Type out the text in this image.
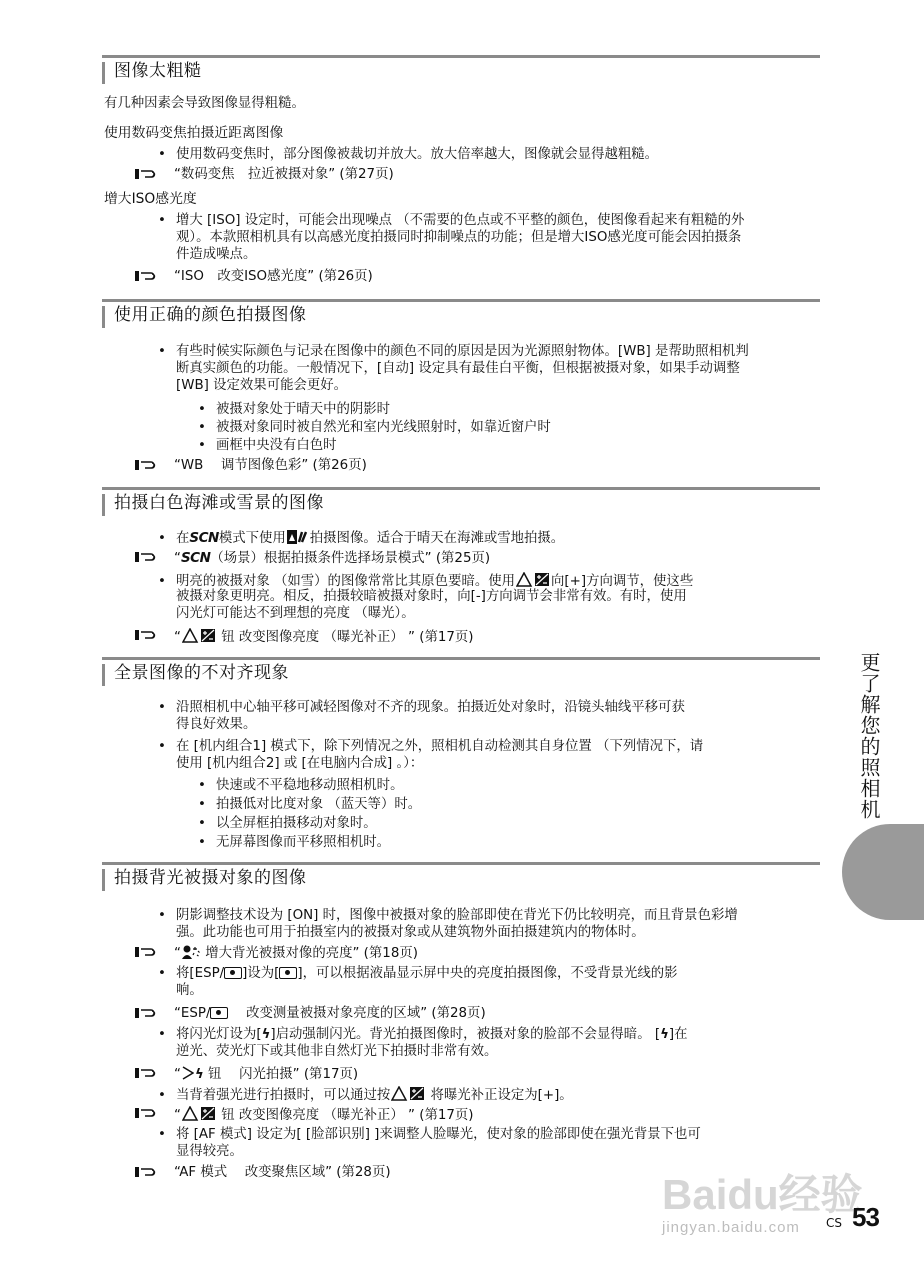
图像太粗糙
有几种因素会导致图像显得粗糙。
使用数码变焦拍摄近距离图像
• 使用数码变焦时，部分图像被裁切并放大。放大倍率越大，图像就会显得越粗糙。
“数码变焦　拉近被摄对象” (第27页)
增大ISO感光度
• 增大 [ISO] 设定时，可能会出现噪点 （不需要的色点或不平整的颜色，使图像看起来有粗糙的外
观）。本款照相机具有以高感光度拍摄同时抑制噪点的功能；但是增大ISO感光度可能会因拍摄条
件造成噪点。
“ISO　改变ISO感光度” (第26页)
使用正确的颜色拍摄图像
• 有些时候实际颜色与记录在图像中的颜色不同的原因是因为光源照射物体。[WB] 是帮助照相机判
断真实颜色的功能。一般情况下，[自动] 设定具有最佳白平衡，但根据被摄对象，如果手动调整
[WB] 设定效果可能会更好。
• 被摄对象处于晴天中的阴影时
• 被摄对象同时被自然光和室内光线照射时，如靠近窗户时
• 画框中央没有白色时
“WB　 调节图像色彩” (第26页)
拍摄白色海滩或雪景的图像
• 在SCN模式下使用 拍摄图像。适合于晴天在海滩或雪地拍摄。
“SCN（场景）根据拍摄条件选择场景模式” (第25页)
• 明亮的被摄对象 （如雪）的图像常常比其原色要暗。使用	向[+]方向调节，使这些
被摄对象更明亮。相反，拍摄较暗被摄对象时，向[-]方向调节会非常有效。有时，使用
闪光灯可能达不到理想的亮度 （曝光）。
“	钮 改变图像亮度 （曝光补正） ” (第17页)
全景图像的不对齐现象
• 沿照相机中心轴平移可减轻图像对不齐的现象。拍摄近处对象时，沿镜头轴线平移可获
得良好效果。
• 在 [机内组合1] 模式下，除下列情况之外，照相机自动检测其自身位置 （下列情况下，请
使用 [机内组合2] 或 [在电脑内合成] 。）：
• 快速或不平稳地移动照相机时。
• 拍摄低对比度对象 （蓝天等）时。
• 以全屏框拍摄移动对象时。
• 无屏幕图像而平移照相机时。
拍摄背光被摄对象的图像
• 阴影调整技术设为 [ON] 时，图像中被摄对象的脸部即使在背光下仍比较明亮，而且背景色彩增
强。此功能也可用于拍摄室内的被摄对象或从建筑物外面拍摄建筑内的物体时。
“ 增大背光被摄对像的亮度” (第18页)
• 将[ESP/ ]设为[ ]，可以根据液晶显示屏中央的亮度拍摄图像，不受背景光线的影
响。
“ESP/　 改变测量被摄对象亮度的区域” (第28页)
• 将闪光灯设为[ϟ]启动强制闪光。背光拍摄图像时，被摄对象的脸部不会显得暗。 [ϟ]在
逆光、荧光灯下或其他非自然灯光下拍摄时非常有效。
“ ϟ 钮　 闪光拍摄” (第17页)
• 当背着强光进行拍摄时，可以通过按	将曝光补正设定为[+]。
“	钮 改变图像亮度 （曝光补正） ” (第17页)
• 将 [AF 模式] 设定为[ [脸部识别] ]来调整人脸曝光，使对象的脸部即使在强光背景下也可
显得较亮。
“AF 模式　 改变聚焦区域” (第28页)
更了解您的照相机
Baidu经验
jingyan.baidu.com CS 53
